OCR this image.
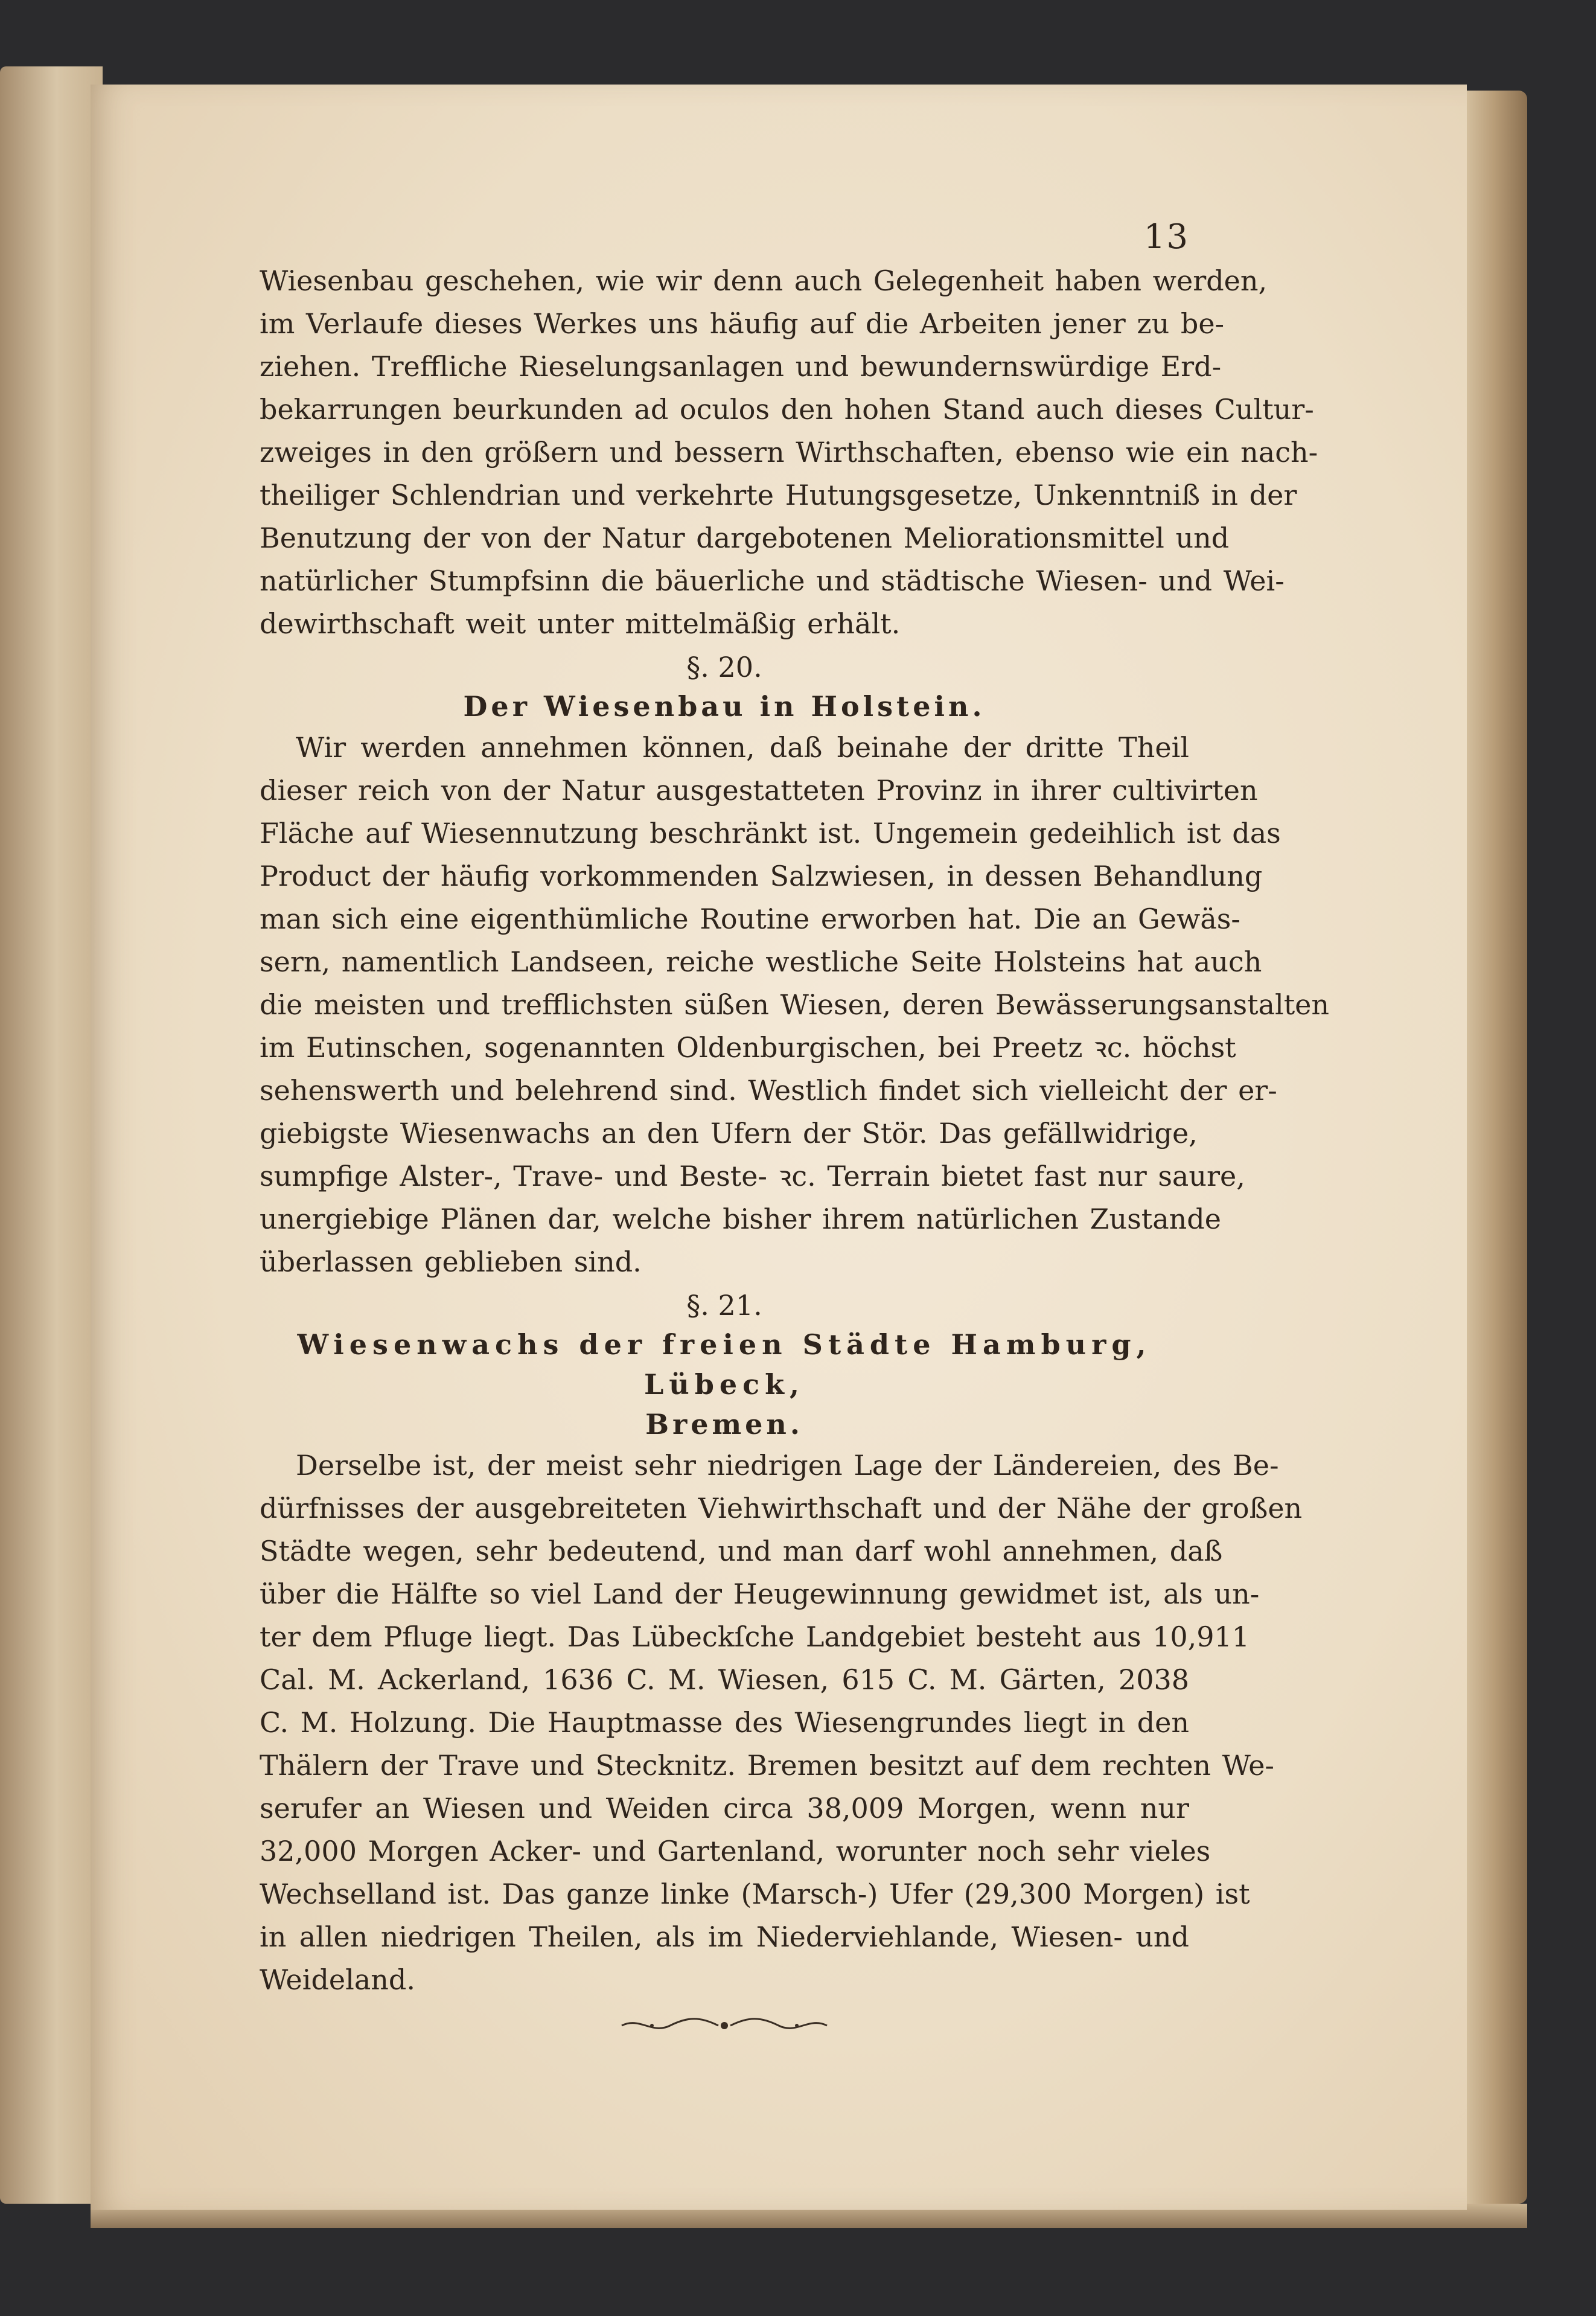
13
Wiesenbau geschehen, wie wir denn auch Gelegenheit haben werden,
im Verlaufe dieses Werkes uns häufig auf die Arbeiten jener zu be-
ziehen. Treffliche Rieselungsanlagen und bewundernswürdige Erd-
bekarrungen beurkunden ad oculos den hohen Stand auch dieses Cultur-
zweiges in den größern und bessern Wirthschaften, ebenso wie ein nach-
theiliger Schlendrian und verkehrte Hutungsgesetze, Unkenntniß in der
Benutzung der von der Natur dargebotenen Meliorationsmittel und
natürlicher Stumpfsinn die bäuerliche und städtische Wiesen- und Wei-
dewirthschaft weit unter mittelmäßig erhält.
§. 20.
Der Wiesenbau in Holstein.
Wir werden annehmen können, daß beinahe der dritte Theil
dieser reich von der Natur ausgestatteten Provinz in ihrer cultivirten
Fläche auf Wiesennutzung beschränkt ist. Ungemein gedeihlich ist das
Product der häufig vorkommenden Salzwiesen, in dessen Behandlung
man sich eine eigenthümliche Routine erworben hat. Die an Gewäs-
sern, namentlich Landseen, reiche westliche Seite Holsteins hat auch
die meisten und trefflichsten süßen Wiesen, deren Bewässerungsanstalten
im Eutinschen, sogenannten Oldenburgischen, bei Preetz ꝛc. höchst
sehenswerth und belehrend sind. Westlich findet sich vielleicht der er-
giebigste Wiesenwachs an den Ufern der Stör. Das gefällwidrige,
sumpfige Alster-, Trave- und Beste- ꝛc. Terrain bietet fast nur saure,
unergiebige Plänen dar, welche bisher ihrem natürlichen Zustande
überlassen geblieben sind.
§. 21.
Wiesenwachs der freien Städte Hamburg, Lübeck,
Bremen.
Derselbe ist, der meist sehr niedrigen Lage der Ländereien, des Be-
dürfnisses der ausgebreiteten Viehwirthschaft und der Nähe der großen
Städte wegen, sehr bedeutend, und man darf wohl annehmen, daß
über die Hälfte so viel Land der Heugewinnung gewidmet ist, als un-
ter dem Pfluge liegt. Das Lübeckſche Landgebiet besteht aus 10,911
Cal. M. Ackerland, 1636 C. M. Wiesen, 615 C. M. Gärten, 2038
C. M. Holzung. Die Hauptmasse des Wiesengrundes liegt in den
Thälern der Trave und Stecknitz. Bremen besitzt auf dem rechten We-
serufer an Wiesen und Weiden circa 38,009 Morgen, wenn nur
32,000 Morgen Acker- und Gartenland, worunter noch sehr vieles
Wechselland ist. Das ganze linke (Marsch-) Ufer (29,300 Morgen) ist
in allen niedrigen Theilen, als im Niederviehlande, Wiesen- und
Weideland.
